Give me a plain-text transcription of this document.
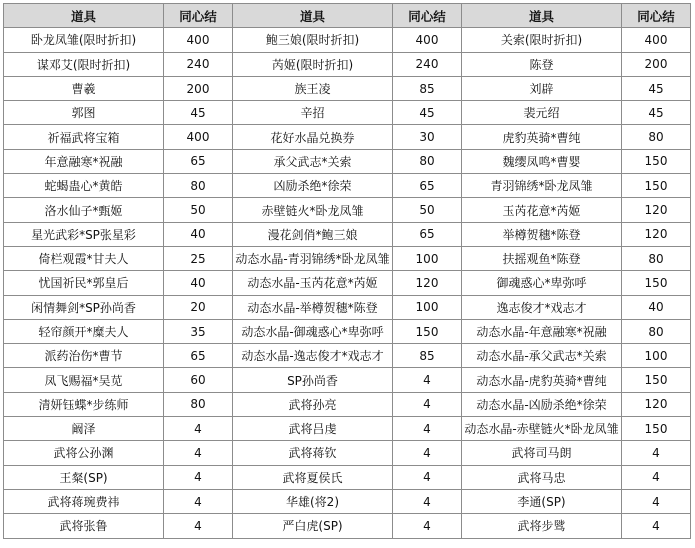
道具	同心结	道具	同心结	道具	同心结
卧龙凤雏(限时折扣)	400	鲍三娘(限时折扣)	400	关索(限时折扣)	400
谋邓艾(限时折扣)	240	芮姬(限时折扣)	240	陈登	200
曹羲	200	族王凌	85	刘辟	45
郭图	45	辛招	45	裴元绍	45
祈福武将宝箱	400	花好水晶兑换券	30	虎豹英骑*曹纯	80
年意融寒*祝融	65	承父武志*关索	80	魏缨凤鸣*曹婴	150
蛇蝎蛊心*黄皓	80	凶励杀绝*徐荣	65	青羽锦绣*卧龙凤雏	150
洛水仙子*甄姬	50	赤壁链火*卧龙凤雏	50	玉芮花意*芮姬	120
星光武彩*SP张星彩	40	漫花剑俏*鲍三娘	65	举樽贺穗*陈登	120
倚栏观霞*甘夫人	25	动态水晶-青羽锦绣*卧龙凤雏	100	扶摇观鱼*陈登	80
忧国祈民*郭皇后	40	动态水晶-玉芮花意*芮姬	120	御魂惑心*卑弥呼	150
闲情舞剑*SP孙尚香	20	动态水晶-举樽贺穗*陈登	100	逸志俊才*戏志才	40
轻帘颜开*糜夫人	35	动态水晶-御魂惑心*卑弥呼	150	动态水晶-年意融寒*祝融	80
派药治伤*曹节	65	动态水晶-逸志俊才*戏志才	85	动态水晶-承父武志*关索	100
凤飞赐福*吴苋	60	SP孙尚香	4	动态水晶-虎豹英骑*曹纯	150
清妍钰蝶*步练师	80	武将孙亮	4	动态水晶-凶励杀绝*徐荣	120
阚泽	4	武将吕虔	4	动态水晶-赤壁链火*卧龙凤雏	150
武将公孙渊	4	武将蒋钦	4	武将司马朗	4
王粲(SP)	4	武将夏侯氏	4	武将马忠	4
武将蒋琬费祎	4	华雄(将2)	4	李通(SP)	4
武将张鲁	4	严白虎(SP)	4	武将步骘	4
